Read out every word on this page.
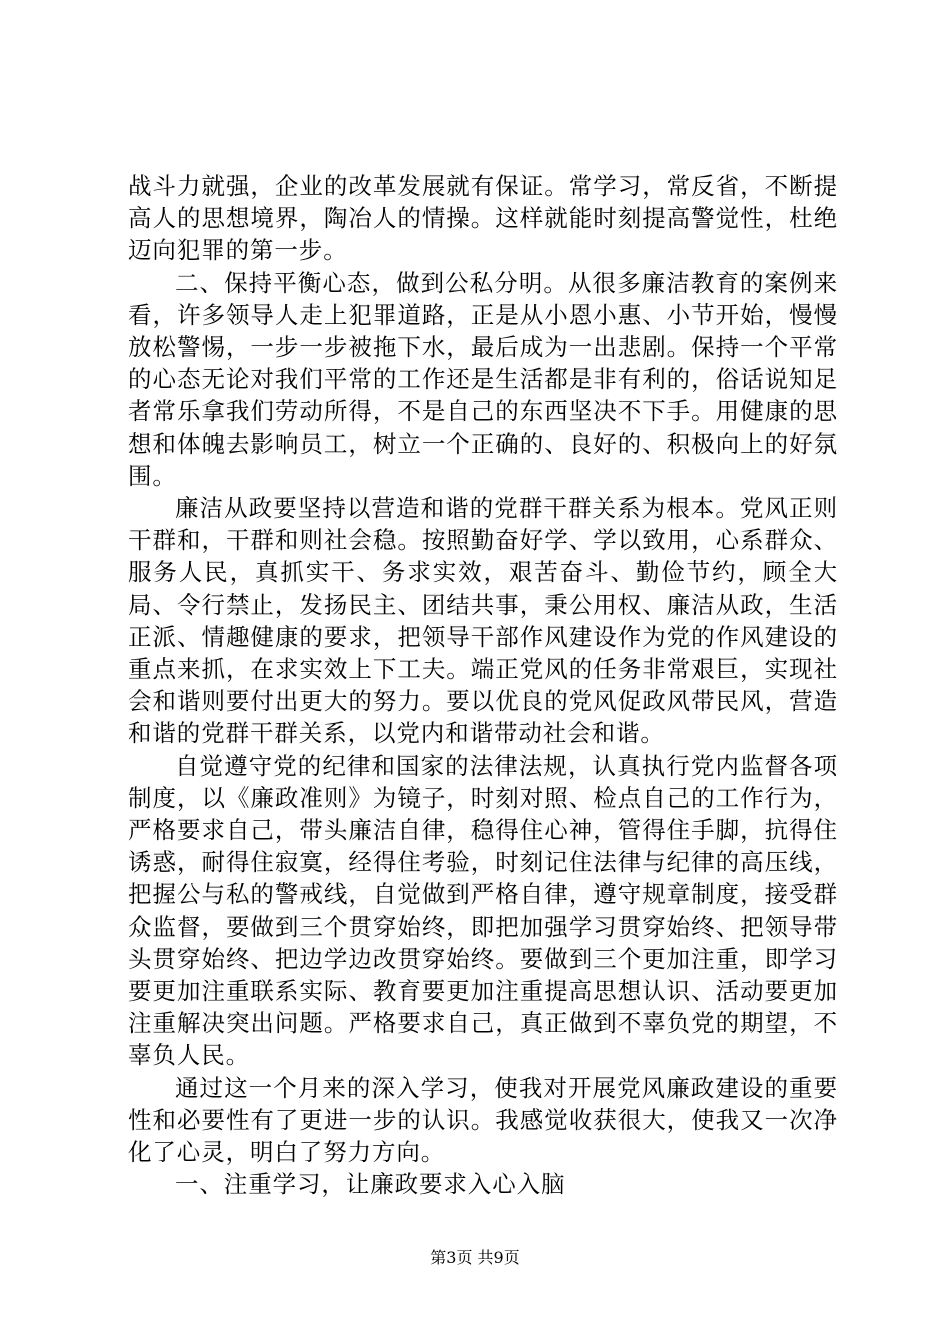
战斗力就强，企业的改革发展就有保证。常学习，常反省，不断提高人的思想境界，陶冶人的情操。这样就能时刻提高警觉性，杜绝迈向犯罪的第一步。

二、保持平衡心态，做到公私分明。从很多廉洁教育的案例来看，许多领导人走上犯罪道路，正是从小恩小惠、小节开始，慢慢放松警惕，一步一步被拖下水，最后成为一出悲剧。保持一个平常的心态无论对我们平常的工作还是生活都是非有利的，俗话说知足者常乐拿我们劳动所得，不是自己的东西坚决不下手。用健康的思想和体魄去影响员工，树立一个正确的、良好的、积极向上的好氛围。

廉洁从政要坚持以营造和谐的党群干群关系为根本。党风正则干群和，干群和则社会稳。按照勤奋好学、学以致用，心系群众、服务人民，真抓实干、务求实效，艰苦奋斗、勤俭节约，顾全大局、令行禁止，发扬民主、团结共事，秉公用权、廉洁从政，生活正派、情趣健康的要求，把领导干部作风建设作为党的作风建设的重点来抓，在求实效上下工夫。端正党风的任务非常艰巨，实现社会和谐则要付出更大的努力。要以优良的党风促政风带民风，营造和谐的党群干群关系，以党内和谐带动社会和谐。

自觉遵守党的纪律和国家的法律法规，认真执行党内监督各项制度，以《廉政准则》为镜子，时刻对照、检点自己的工作行为，严格要求自己，带头廉洁自律，稳得住心神，管得住手脚，抗得住诱惑，耐得住寂寞，经得住考验，时刻记住法律与纪律的高压线，把握公与私的警戒线，自觉做到严格自律，遵守规章制度，接受群众监督，要做到三个贯穿始终，即把加强学习贯穿始终、把领导带头贯穿始终、把边学边改贯穿始终。要做到三个更加注重，即学习要更加注重联系实际、教育要更加注重提高思想认识、活动要更加注重解决突出问题。严格要求自己，真正做到不辜负党的期望，不辜负人民。

通过这一个月来的深入学习，使我对开展党风廉政建设的重要性和必要性有了更进一步的认识。我感觉收获很大，使我又一次净化了心灵，明白了努力方向。

一、注重学习，让廉政要求入心入脑

第3页 共9页
